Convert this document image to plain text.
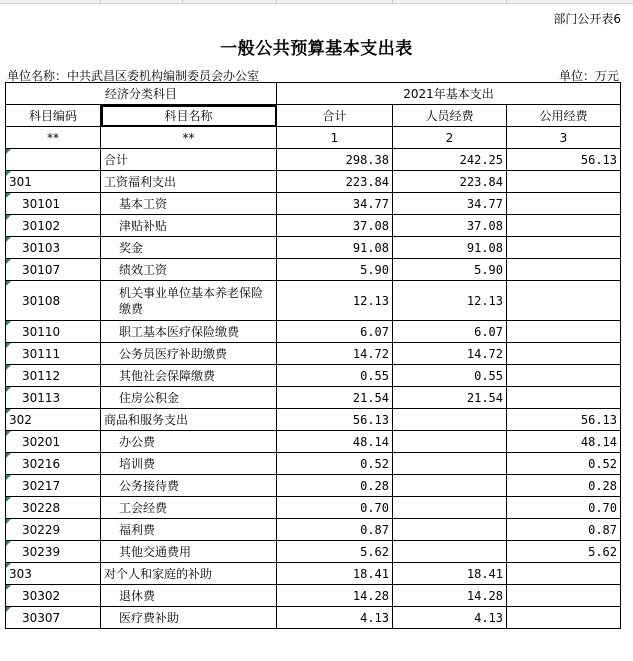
部门公开表6
一般公共预算基本支出表
单位名称：中共武昌区委机构编制委员会办公室	单位：万元
经济分类科目		2021年基本支出		
科目编码	科目名称	合计	人员经费	公用经费
**	**	1	2	3

	合计	298.38	242.25	56.13

301	工资福利支出	223.84	223.84	

30101	基本工资	34.77	34.77	

30102	津贴补贴	37.08	37.08	

30103	奖金	91.08	91.08	

30107	绩效工资	5.90	5.90	

30108	机关事业单位基本养老保险缴费	12.13	12.13	

30110	职工基本医疗保险缴费	6.07	6.07	

30111	公务员医疗补助缴费	14.72	14.72	

30112	其他社会保障缴费	0.55	0.55	

30113	住房公积金	21.54	21.54	

302	商品和服务支出	56.13		56.13

30201	办公费	48.14		48.14

30216	培训费	0.52		0.52

30217	公务接待费	0.28		0.28

30228	工会经费	0.70		0.70

30229	福利费	0.87		0.87

30239	其他交通费用	5.62		5.62

303	对个人和家庭的补助	18.41	18.41	

30302	退休费	14.28	14.28	

30307	医疗费补助	4.13	4.13	
